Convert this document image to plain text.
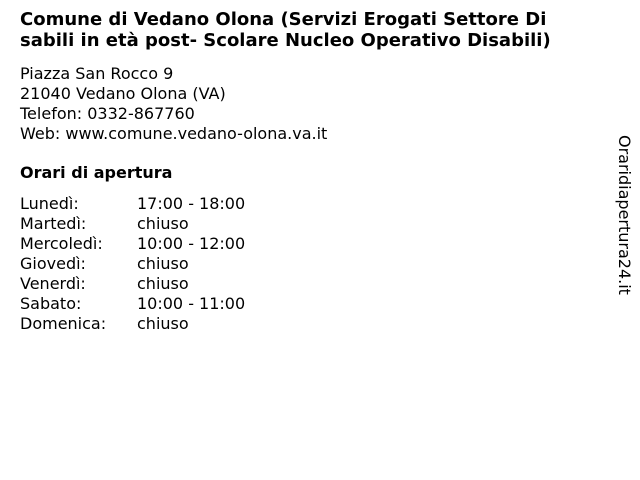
Comune di Vedano Olona (Servizi Erogati Settore Di
sabili in età post- Scolare Nucleo Operativo Disabili)
Piazza San Rocco 9
21040 Vedano Olona (VA)
Telefon: 0332-867760
Web: www.comune.vedano-olona.va.it
Orari di apertura
Lunedì:	17:00 - 18:00
Martedì:	chiuso
Mercoledì:	10:00 - 12:00
Giovedì:	chiuso
Venerdì:	chiuso
Sabato:	10:00 - 11:00
Domenica:	chiuso
Oraridiapertura24.it
